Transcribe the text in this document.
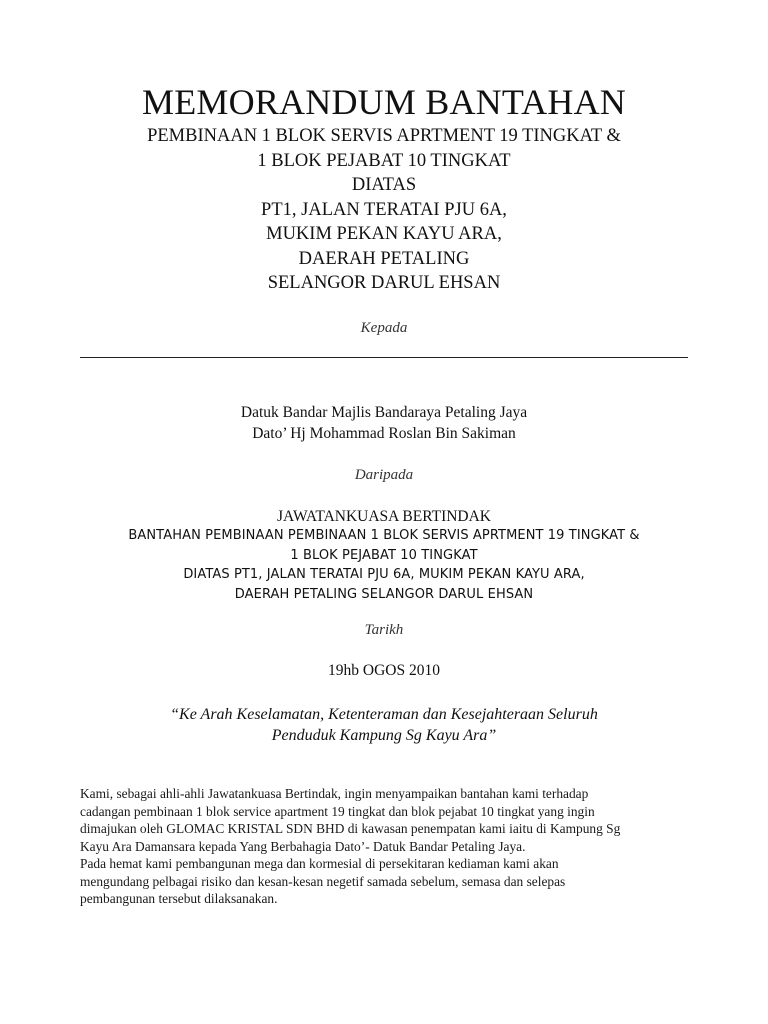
MEMORANDUM BANTAHAN
PEMBINAAN 1 BLOK SERVIS APRTMENT 19 TINGKAT &
1 BLOK PEJABAT 10 TINGKAT
DIATAS
PT1, JALAN TERATAI PJU 6A,
MUKIM PEKAN KAYU ARA,
DAERAH PETALING
SELANGOR DARUL EHSAN
Kepada
Datuk Bandar Majlis Bandaraya Petaling Jaya
Dato’ Hj Mohammad Roslan Bin Sakiman
Daripada
JAWATANKUASA BERTINDAK
BANTAHAN PEMBINAAN PEMBINAAN 1 BLOK SERVIS APRTMENT 19 TINGKAT &
1 BLOK PEJABAT 10 TINGKAT
DIATAS PT1, JALAN TERATAI PJU 6A, MUKIM PEKAN KAYU ARA,
DAERAH PETALING SELANGOR DARUL EHSAN
Tarikh
19hb OGOS 2010
“Ke Arah Keselamatan, Ketenteraman dan Kesejahteraan Seluruh
Penduduk Kampung Sg Kayu Ara”
Kami, sebagai ahli-ahli Jawatankuasa Bertindak, ingin menyampaikan bantahan kami terhadap
cadangan pembinaan 1 blok service apartment 19 tingkat dan blok pejabat 10 tingkat yang ingin
dimajukan oleh GLOMAC KRISTAL SDN BHD di kawasan penempatan kami iaitu di Kampung Sg
Kayu Ara Damansara kepada Yang Berbahagia Dato’- Datuk Bandar Petaling Jaya.
Pada hemat kami pembangunan mega dan kormesial di persekitaran kediaman kami akan
mengundang pelbagai risiko dan kesan-kesan negetif samada sebelum, semasa dan selepas
pembangunan tersebut dilaksanakan.
